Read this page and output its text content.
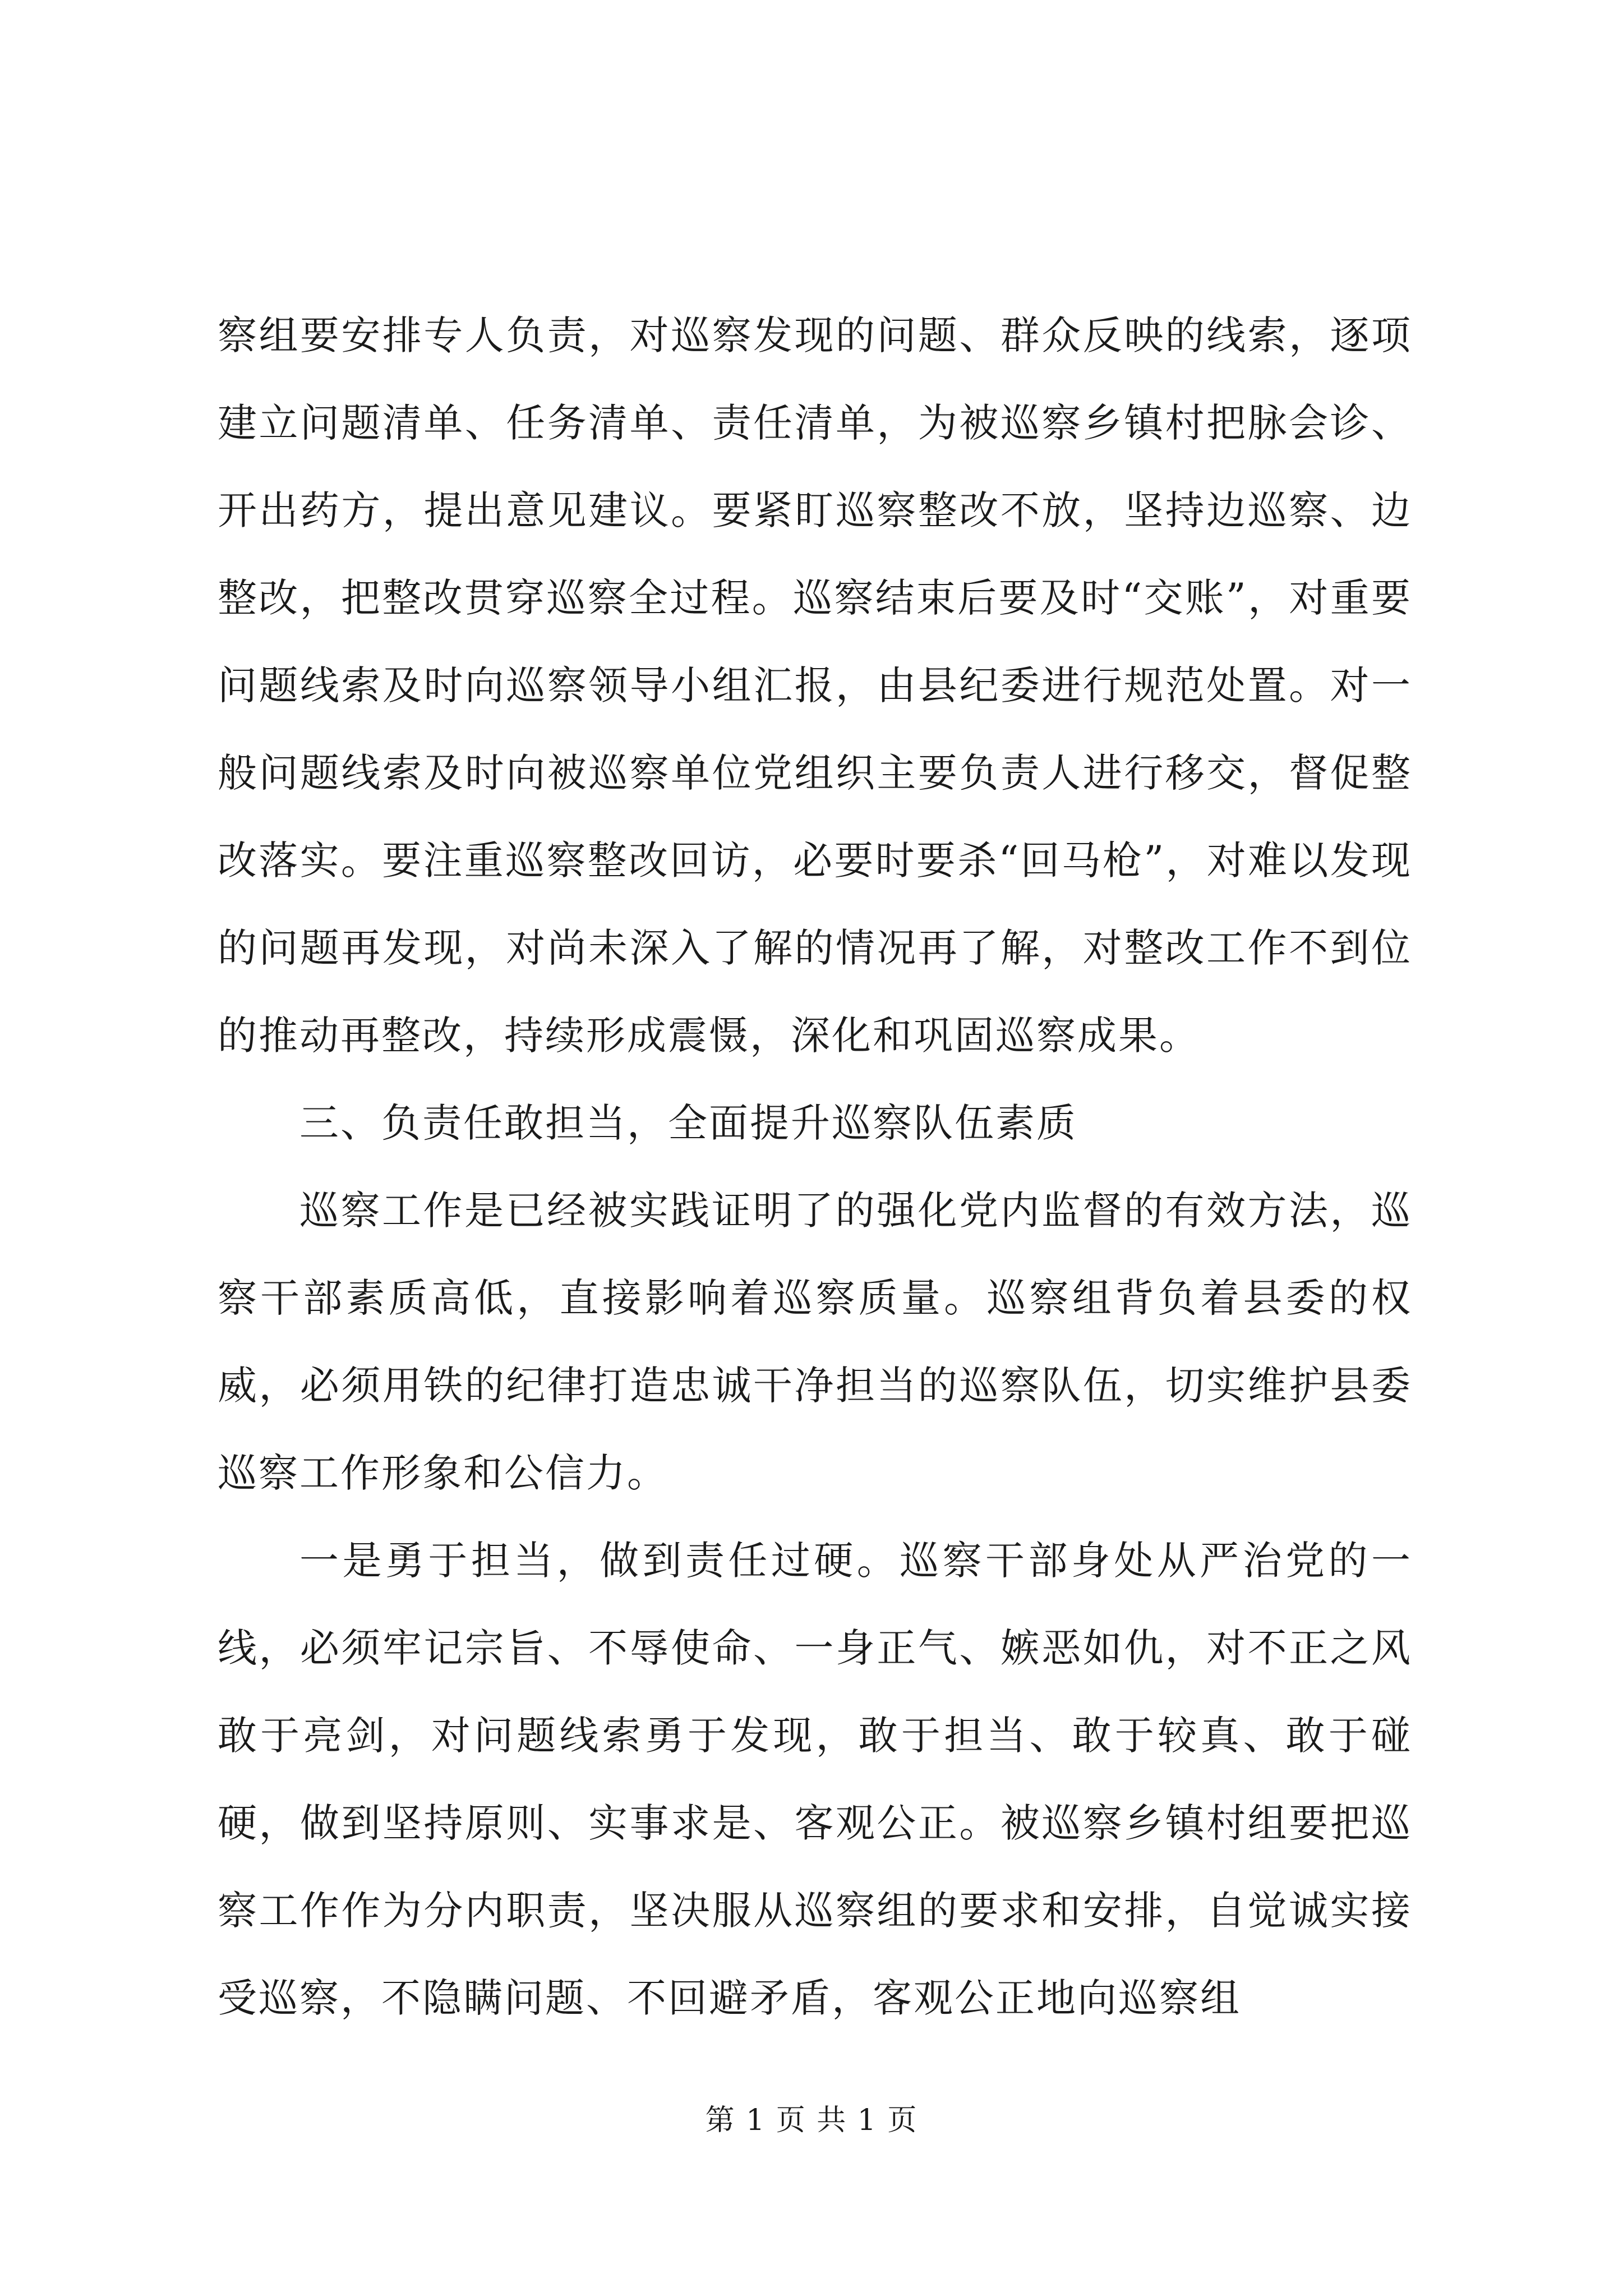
察组要安排专人负责，对巡察发现的问题、群众反映的线索，逐项建立问题清单、任务清单、责任清单，为被巡察乡镇村把脉会诊、开出药方，提出意见建议。要紧盯巡察整改不放，坚持边巡察、边整改，把整改贯穿巡察全过程。巡察结束后要及时“交账”，对重要问题线索及时向巡察领导小组汇报，由县纪委进行规范处置。对一般问题线索及时向被巡察单位党组织主要负责人进行移交，督促整改落实。要注重巡察整改回访，必要时要杀“回马枪”，对难以发现的问题再发现，对尚未深入了解的情况再了解，对整改工作不到位的推动再整改，持续形成震慑，深化和巩固巡察成果。

三、负责任敢担当，全面提升巡察队伍素质

巡察工作是已经被实践证明了的强化党内监督的有效方法，巡察干部素质高低，直接影响着巡察质量。巡察组背负着县委的权威，必须用铁的纪律打造忠诚干净担当的巡察队伍，切实维护县委巡察工作形象和公信力。

一是勇于担当，做到责任过硬。巡察干部身处从严治党的一线，必须牢记宗旨、不辱使命、一身正气、嫉恶如仇，对不正之风敢于亮剑，对问题线索勇于发现，敢于担当、敢于较真、敢于碰硬，做到坚持原则、实事求是、客观公正。被巡察乡镇村组要把巡察工作作为分内职责，坚决服从巡察组的要求和安排，自觉诚实接受巡察，不隐瞒问题、不回避矛盾，客观公正地向巡察组

第 1 页 共 1 页
